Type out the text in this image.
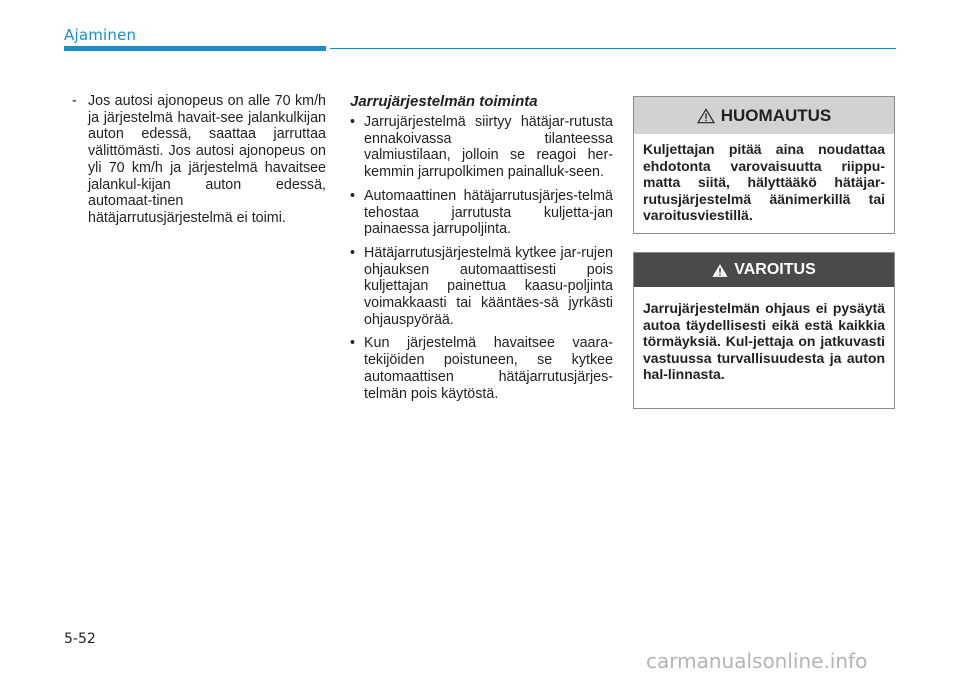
Ajaminen
- Jos autosi ajonopeus on alle 70 km/h ja järjestelmä havait-see jalankulkijan auton edessä, saattaa jarruttaa välittömästi. Jos autosi ajonopeus on yli 70 km/h ja järjestelmä havaitsee jalankul-kijan auton edessä, automaat-tinen hätäjarrutusjärjestelmä ei toimi.
Jarrujärjestelmän toiminta
• Jarrujärjestelmä siirtyy hätäjar-rutusta ennakoivassa tilanteessa valmiustilaan, jolloin se reagoi her-kemmin jarrupolkimen painalluk-seen.
• Automaattinen hätäjarrutusjärjes-telmä tehostaa jarrutusta kuljetta-jan painaessa jarrupoljinta.
• Hätäjarrutusjärjestelmä kytkee jar-rujen ohjauksen automaattisesti pois kuljettajan painettua kaasu-poljinta voimakkaasti tai kääntäes-sä jyrkästi ohjauspyörää.
• Kun järjestelmä havaitsee vaara-tekijöiden poistuneen, se kytkee automaattisen hätäjarrutusjärjes-telmän pois käytöstä.
HUOMAUTUS
Kuljettajan pitää aina noudattaa ehdotonta varovaisuutta riippu-matta siitä, hälyttääkö hätäjar-rutusjärjestelmä äänimerkillä tai varoitusviestillä.
VAROITUS
Jarrujärjestelmän ohjaus ei pysäytä autoa täydellisesti eikä estä kaikkia törmäyksiä. Kul-jettaja on jatkuvasti vastuussa turvallisuudesta ja auton hal-linnasta.
5-52
carmanualsonline.info
